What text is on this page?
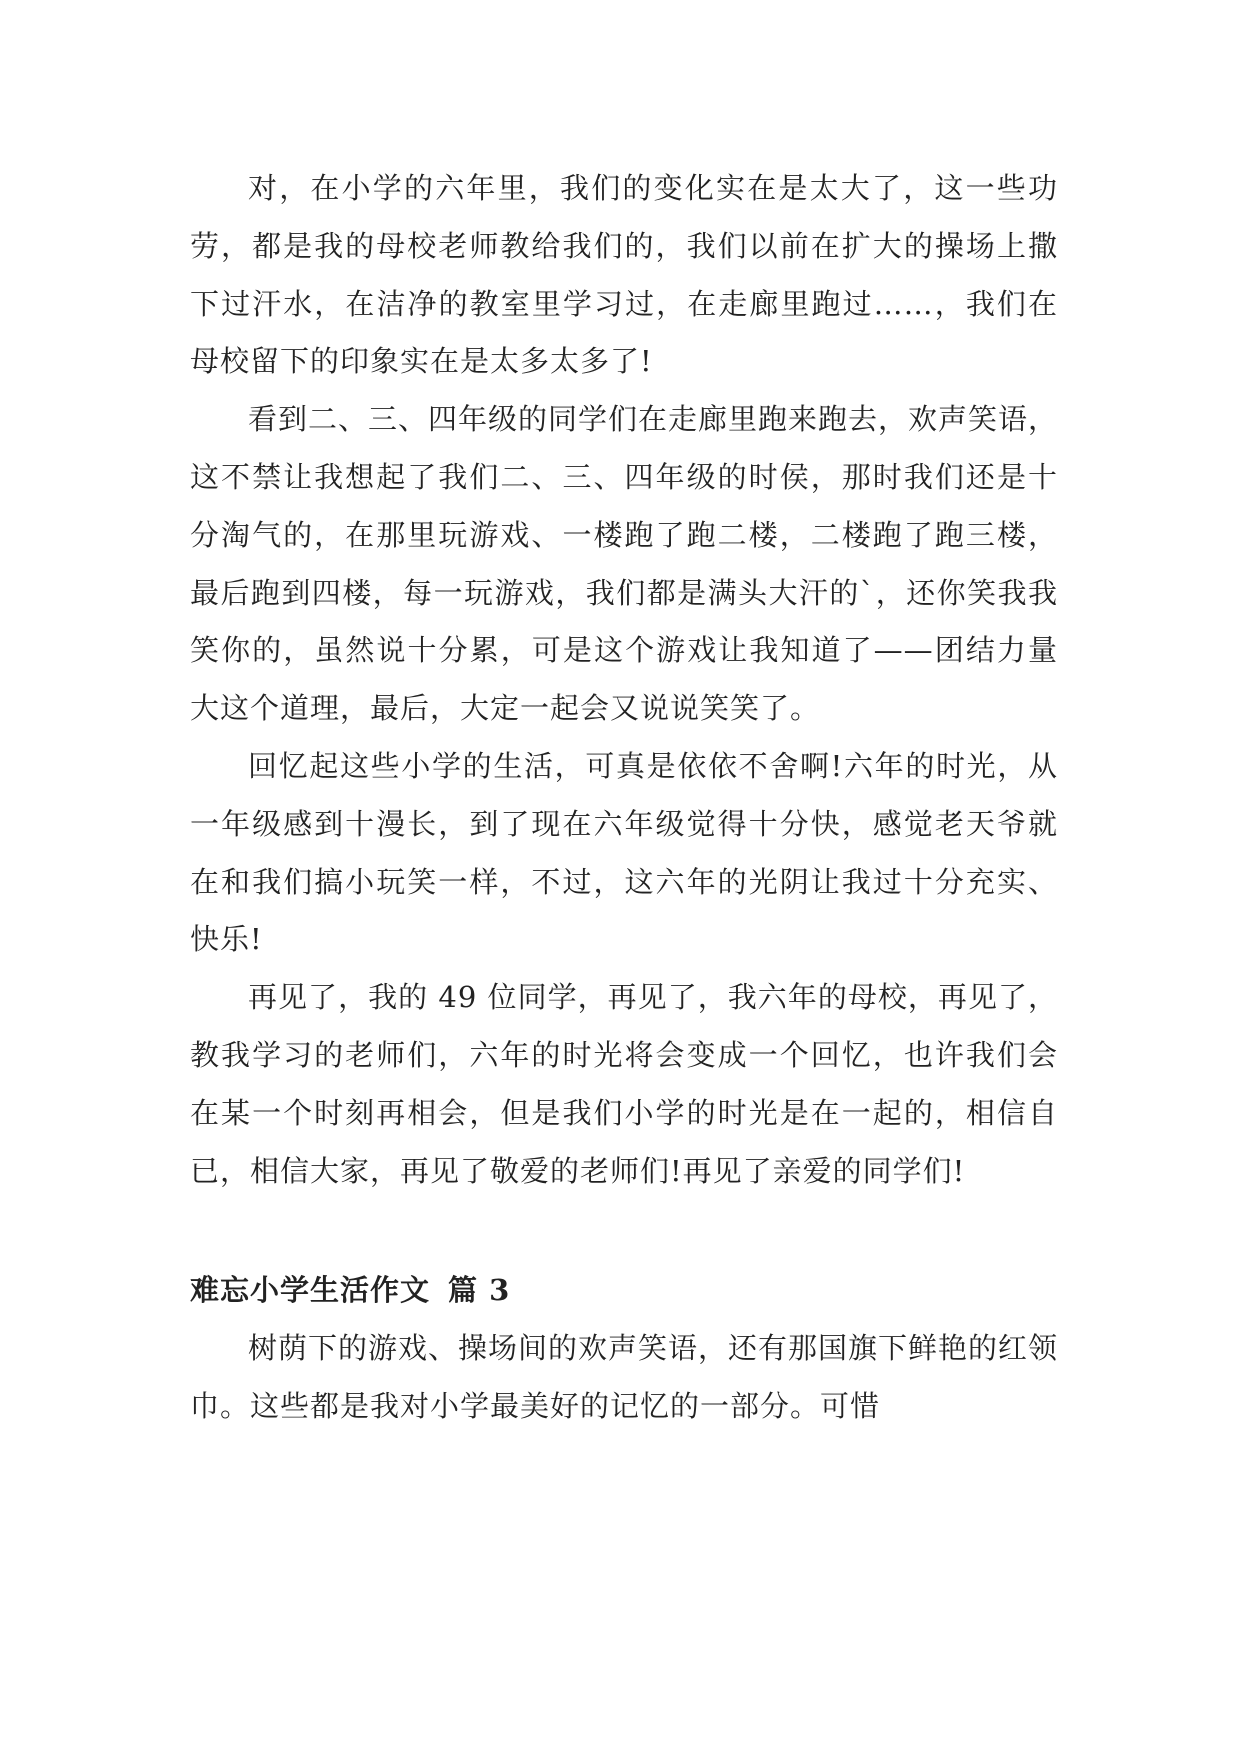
对，在小学的六年里，我们的变化实在是太大了，这一些功劳，都是我的母校老师教给我们的，我们以前在扩大的操场上撒下过汗水，在洁净的教室里学习过，在走廊里跑过……，我们在母校留下的印象实在是太多太多了!

看到二、三、四年级的同学们在走廊里跑来跑去，欢声笑语，这不禁让我想起了我们二、三、四年级的时侯，那时我们还是十分淘气的，在那里玩游戏、一楼跑了跑二楼，二楼跑了跑三楼，最后跑到四楼，每一玩游戏，我们都是满头大汗的`，还你笑我我笑你的，虽然说十分累，可是这个游戏让我知道了——团结力量大这个道理，最后，大定一起会又说说笑笑了。

回忆起这些小学的生活，可真是依依不舍啊!六年的时光，从一年级感到十漫长，到了现在六年级觉得十分快，感觉老天爷就在和我们搞小玩笑一样，不过，这六年的光阴让我过十分充实、快乐!

再见了，我的 49 位同学，再见了，我六年的母校，再见了，教我学习的老师们，六年的时光将会变成一个回忆，也许我们会在某一个时刻再相会，但是我们小学的时光是在一起的，相信自已，相信大家，再见了敬爱的老师们!再见了亲爱的同学们!

难忘小学生活作文 篇 3

树荫下的游戏、操场间的欢声笑语，还有那国旗下鲜艳的红领巾。这些都是我对小学最美好的记忆的一部分。可惜
